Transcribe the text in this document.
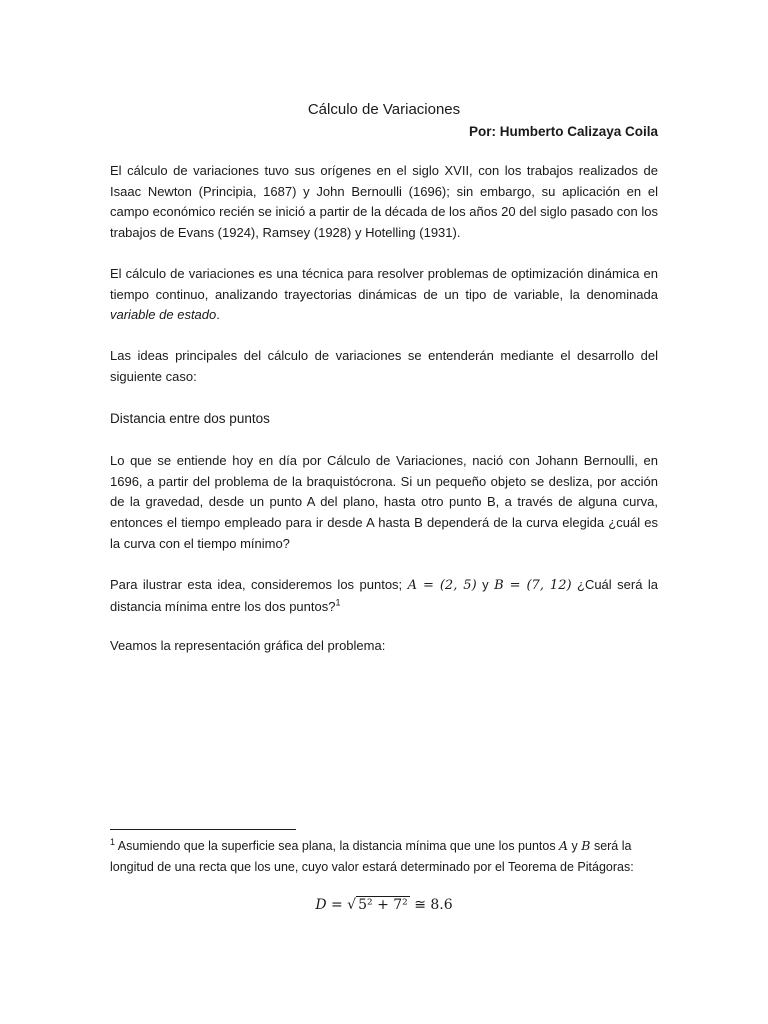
Cálculo de Variaciones
Por: Humberto Calizaya Coila

El cálculo de variaciones tuvo sus orígenes en el siglo XVII, con los trabajos realizados de Isaac Newton (Principia, 1687) y John Bernoulli (1696); sin embargo, su aplicación en el campo económico recién se inició a partir de la década de los años 20 del siglo pasado con los trabajos de Evans (1924), Ramsey (1928) y Hotelling (1931).

El cálculo de variaciones es una técnica para resolver problemas de optimización dinámica en tiempo continuo, analizando trayectorias dinámicas de un tipo de variable, la denominada variable de estado.

Las ideas principales del cálculo de variaciones se entenderán mediante el desarrollo del siguiente caso:

Distancia entre dos puntos

Lo que se entiende hoy en día por Cálculo de Variaciones, nació con Johann Bernoulli, en 1696, a partir del problema de la braquistócrona. Si un pequeño objeto se desliza, por acción de la gravedad, desde un punto A del plano, hasta otro punto B, a través de alguna curva, entonces el tiempo empleado para ir desde A hasta B dependerá de la curva elegida ¿cuál es la curva con el tiempo mínimo?

Para ilustrar esta idea, consideremos los puntos; A = (2, 5) y B = (7, 12) ¿Cuál será la distancia mínima entre los dos puntos?$^1$

Veamos la representación gráfica del problema:

$^1$ Asumiendo que la superficie sea plana, la distancia mínima que une los puntos A y B será la longitud de una recta que los une, cuyo valor estará determinado por el Teorema de Pitágoras:

D = √ 5² + 7² ≅ 8.6
